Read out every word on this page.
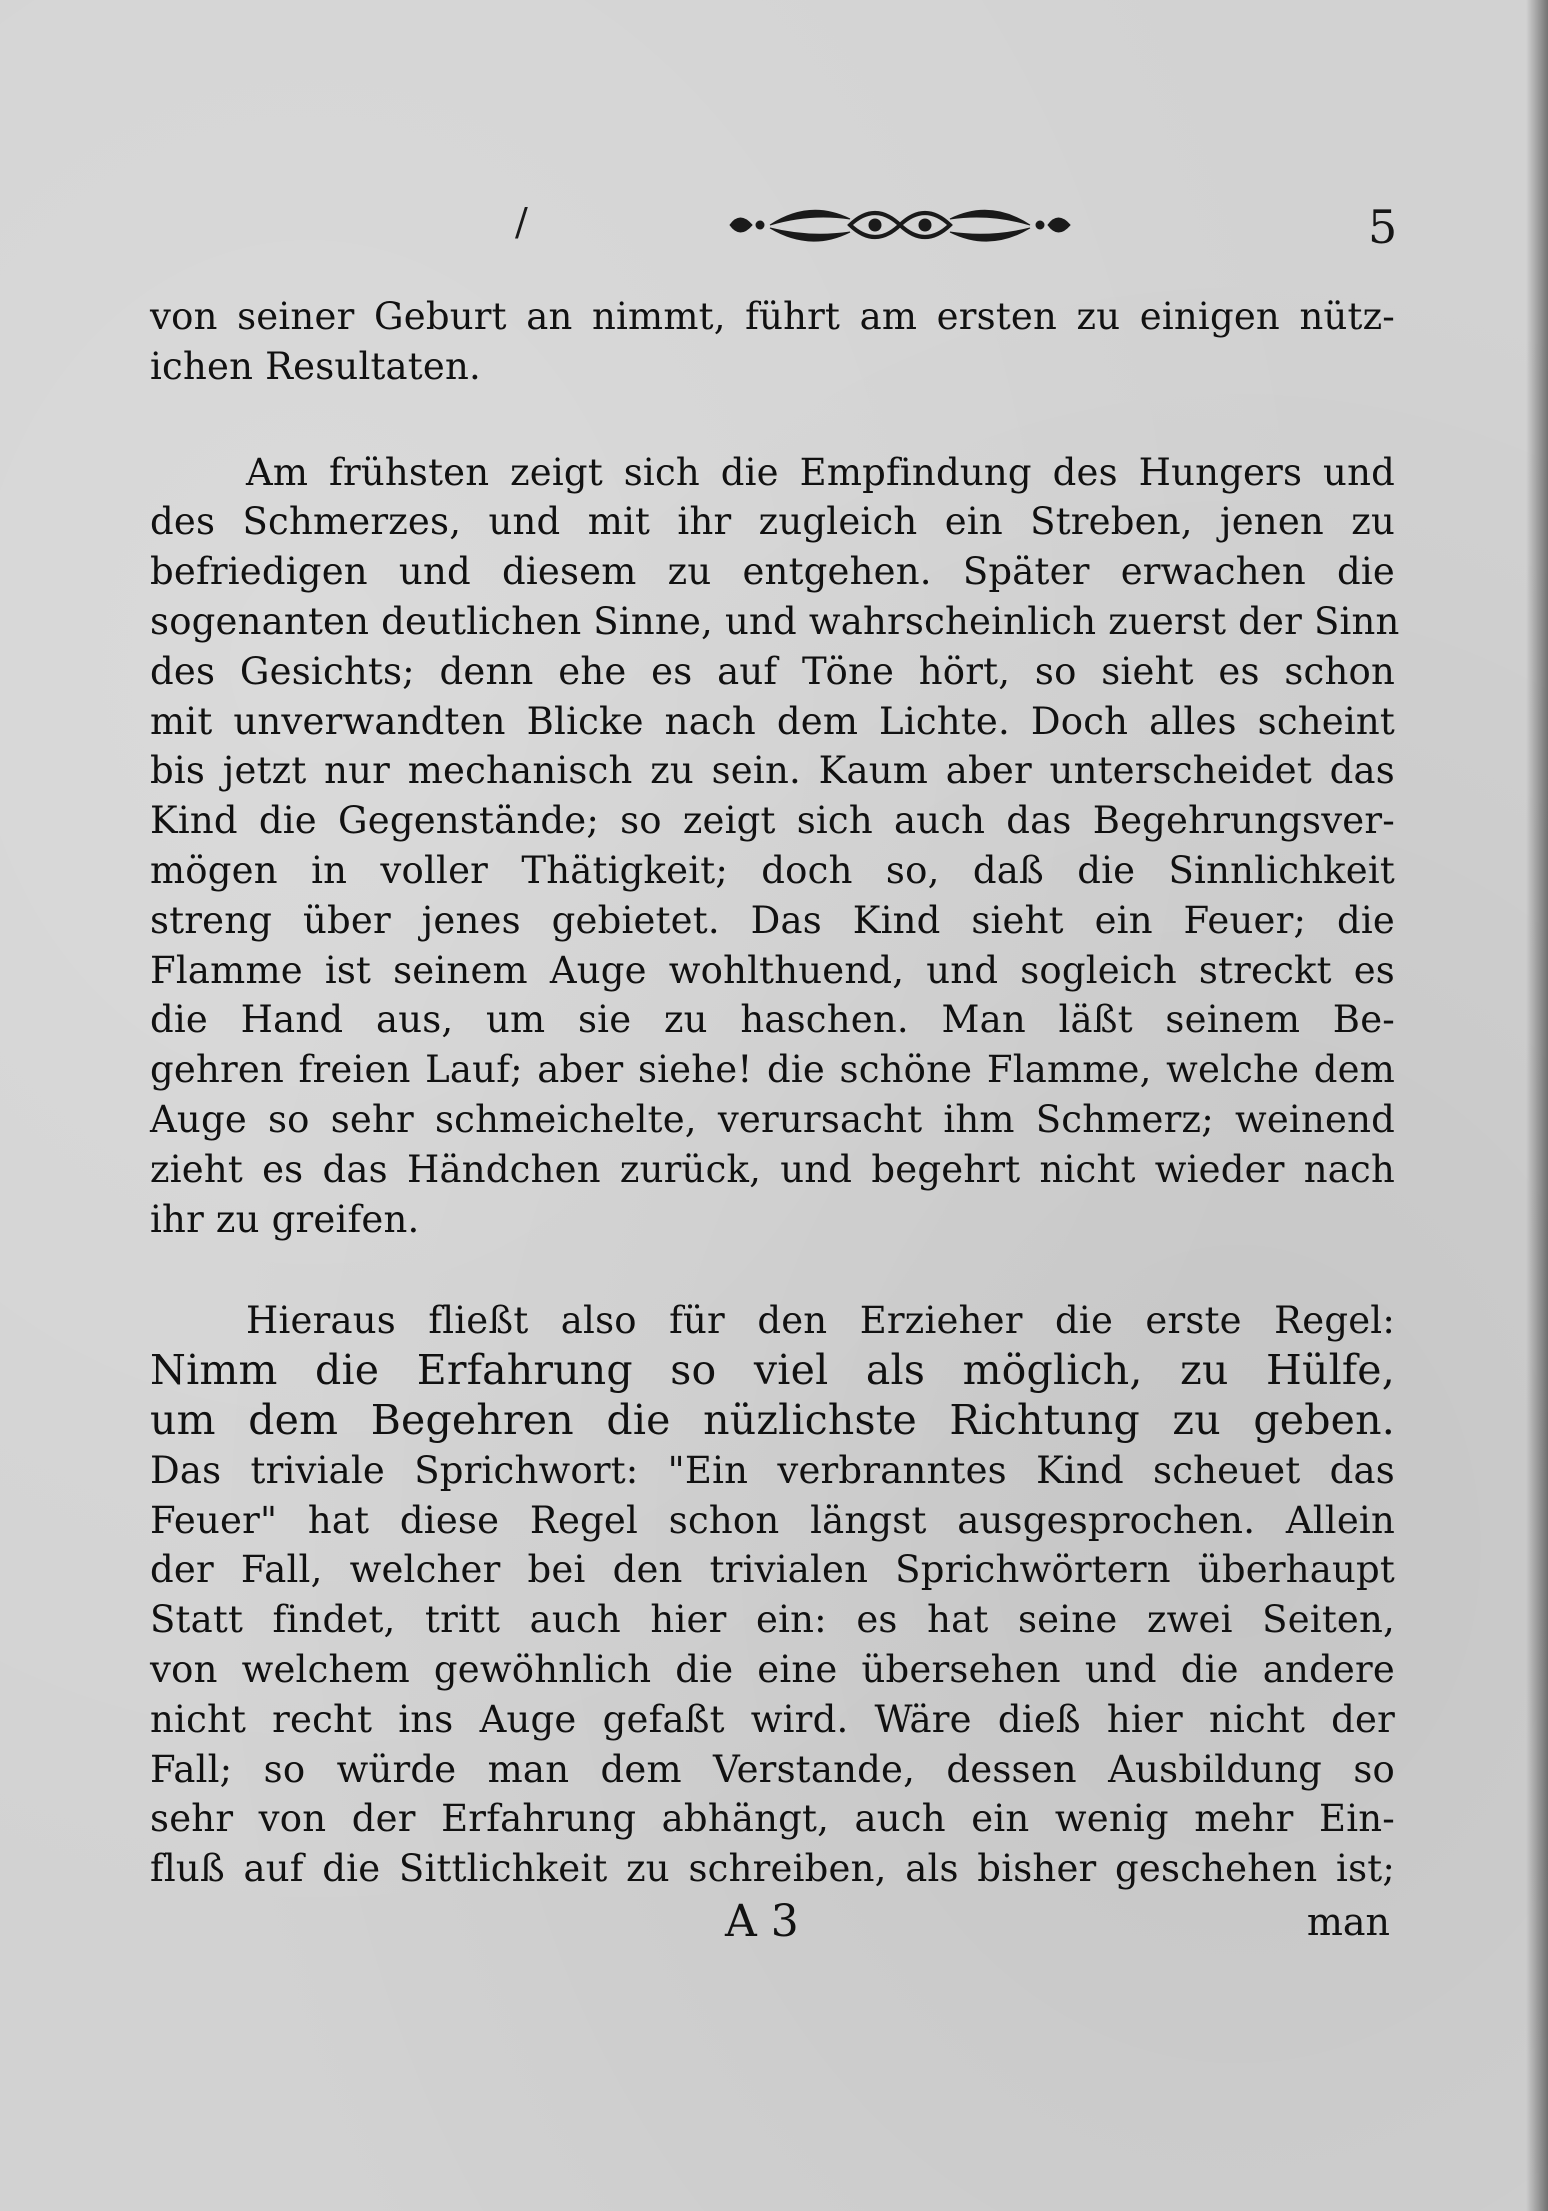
/	5
von seiner Geburt an nimmt, führt am ersten zu einigen nütz-
ichen Resultaten.
Am frühsten zeigt sich die Empfindung des Hungers und
des Schmerzes, und mit ihr zugleich ein Streben, jenen zu
befriedigen und diesem zu entgehen. Später erwachen die
sogenanten deutlichen Sinne, und wahrscheinlich zuerst der Sinn
des Gesichts; denn ehe es auf Töne hört, so sieht es schon
mit unverwandten Blicke nach dem Lichte. Doch alles scheint
bis jetzt nur mechanisch zu sein. Kaum aber unterscheidet das
Kind die Gegenstände; so zeigt sich auch das Begehrungsver-
mögen in voller Thätigkeit; doch so, daß die Sinnlichkeit
streng über jenes gebietet. Das Kind sieht ein Feuer; die
Flamme ist seinem Auge wohlthuend, und sogleich streckt es
die Hand aus, um sie zu haschen. Man läßt seinem Be-
gehren freien Lauf; aber siehe! die schöne Flamme, welche dem
Auge so sehr schmeichelte, verursacht ihm Schmerz; weinend
zieht es das Händchen zurück, und begehrt nicht wieder nach
ihr zu greifen.
Hieraus fließt also für den Erzieher die erste Regel:
Nimm die Erfahrung so viel als möglich, zu Hülfe,
um dem Begehren die nüzlichste Richtung zu geben.
Das triviale Sprichwort: "Ein verbranntes Kind scheuet das
Feuer" hat diese Regel schon längst ausgesprochen. Allein
der Fall, welcher bei den trivialen Sprichwörtern überhaupt
Statt findet, tritt auch hier ein: es hat seine zwei Seiten,
von welchem gewöhnlich die eine übersehen und die andere
nicht recht ins Auge gefaßt wird. Wäre dieß hier nicht der
Fall; so würde man dem Verstande, dessen Ausbildung so
sehr von der Erfahrung abhängt, auch ein wenig mehr Ein-
fluß auf die Sittlichkeit zu schreiben, als bisher geschehen ist;
A 3	man
